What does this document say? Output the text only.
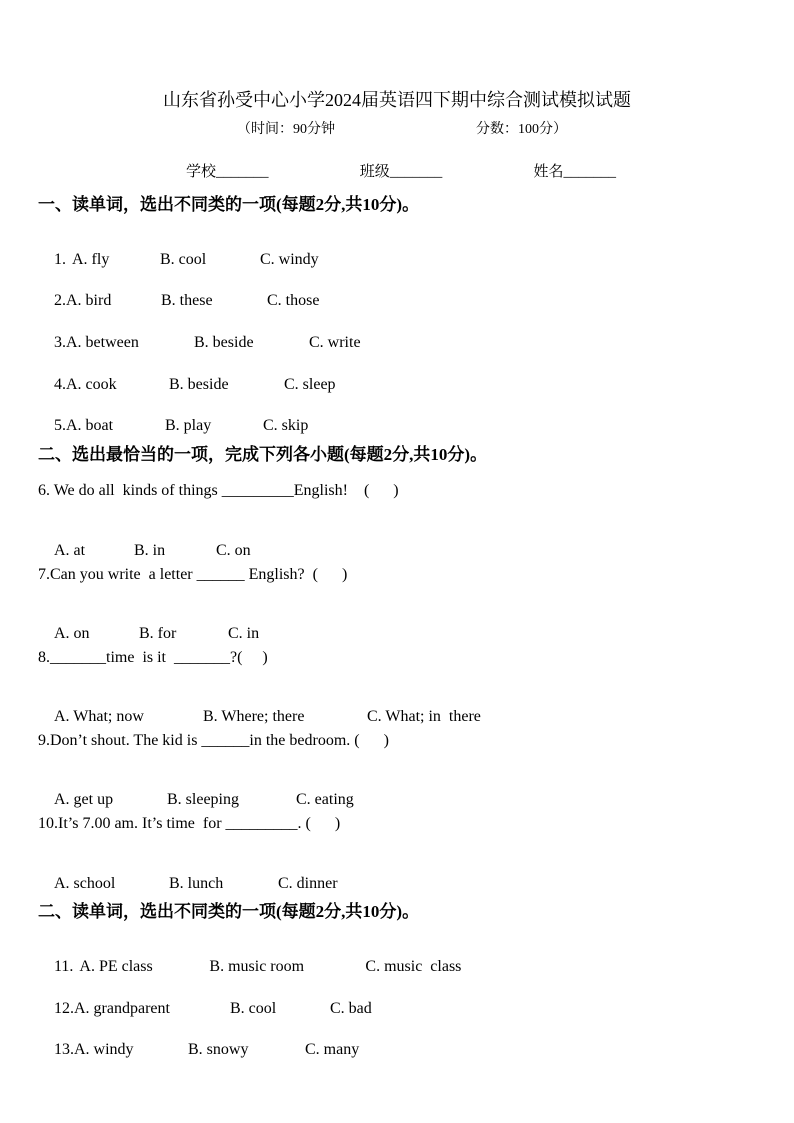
山东省孙受中心小学2024届英语四下期中综合测试模拟试题
（时间：90分钟	分数：100分）
学校_______	班级_______	姓名_______
一、读单词，选出不同类的一项(每题2分,共10分)。

1. A. fly	B. cool	C. windy

2.A. bird	B. these	C. those

3.A. between	B. beside	C. write

4.A. cook	B. beside	C. sleep

5.A. boat	B. play	C. skip

二、选出最恰当的一项，完成下列各小题(每题2分,共10分)。
6. We do all  kinds of things _________English!    (      )

A. at	B. in	C. on

7.Can you write  a letter ______ English?  (      )

A. on	B. for	C. in

8._______time  is it  _______?(     )

A. What; now	B. Where; there	C. What; in  there

9.Don’t shout. The kid is ______in the bedroom. (      )

A. get up	B. sleeping	C. eating

10.It’s 7.00 am. It’s time  for _________. (      )

A. school	B. lunch	C. dinner

二、读单词，选出不同类的一项(每题2分,共10分)。

11. A. PE class	B. music room	C. music  class

12.A. grandparent	B. cool	C. bad

13.A. windy	B. snowy	C. many
